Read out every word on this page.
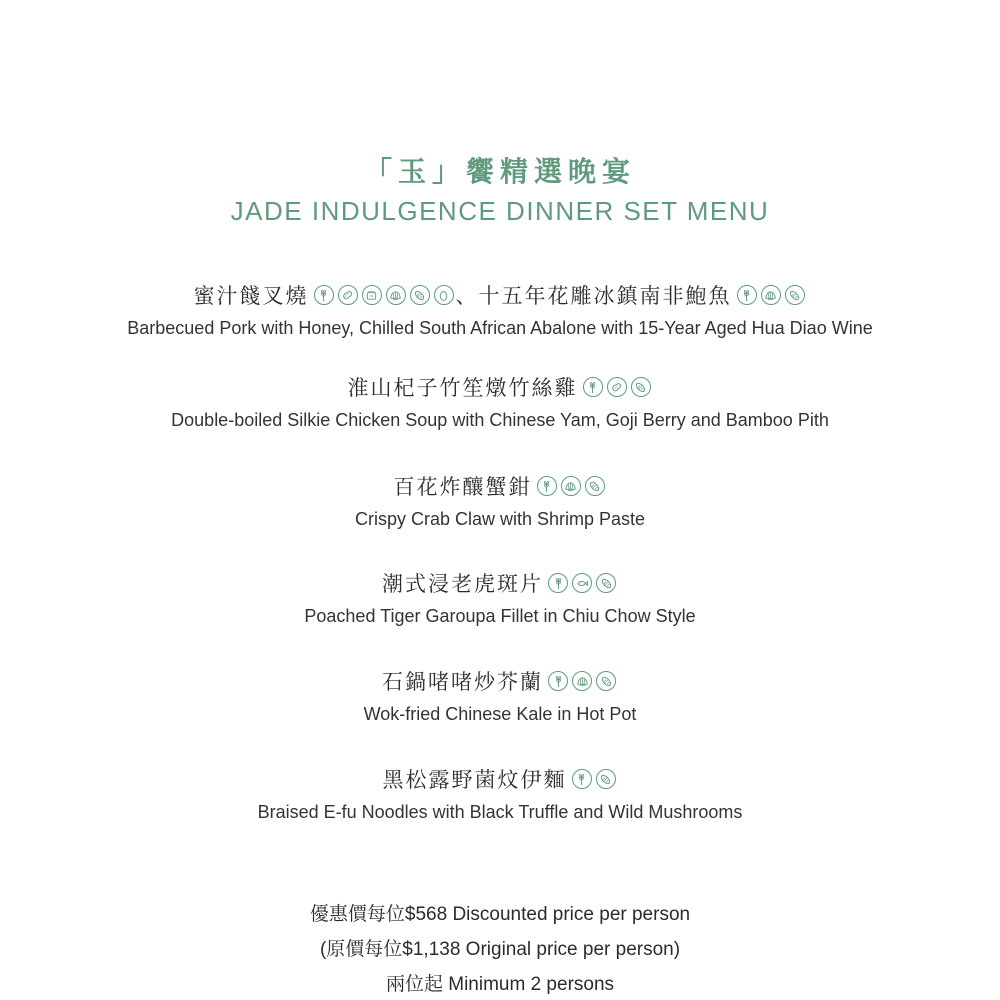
「玉」饗精選晚宴
JADE INDULGENCE DINNER SET MENU
蜜汁餞叉燒	、 十五年花雕冰鎮南非鮑魚
Barbecued Pork with Honey, Chilled South African Abalone with 15-Year Aged Hua Diao Wine
淮山杞子竹笙燉竹絲雞
Double-boiled Silkie Chicken Soup with Chinese Yam, Goji Berry and Bamboo Pith
百花炸釀蟹鉗
Crispy Crab Claw with Shrimp Paste
潮式浸老虎斑片
Poached Tiger Garoupa Fillet in Chiu Chow Style
石鍋啫啫炒芥蘭
Wok-fried Chinese Kale in Hot Pot
黑松露野菌炆伊麵
Braised E-fu Noodles with Black Truffle and Wild Mushrooms
優惠價每位$568 Discounted price per person
(原價每位$1,138 Original price per person)
兩位起 Minimum 2 persons
